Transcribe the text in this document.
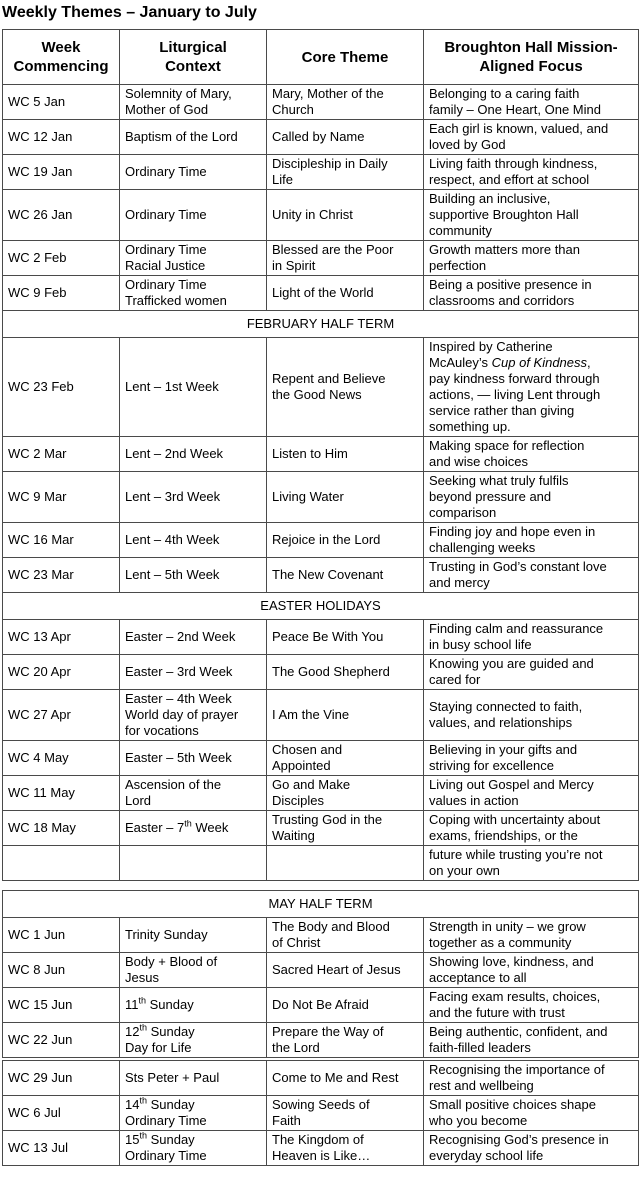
Weekly Themes – January to July
Week
Commencing	Liturgical
Context	Core Theme	Broughton Hall Mission-
Aligned Focus
WC 5 Jan	Solemnity of Mary,
Mother of God	Mary, Mother of the
Church	Belonging to a caring faith
family – One Heart, One Mind
WC 12 Jan	Baptism of the Lord	Called by Name	Each girl is known, valued, and
loved by God
WC 19 Jan	Ordinary Time	Discipleship in Daily
Life	Living faith through kindness,
respect, and effort at school
WC 26 Jan	Ordinary Time	Unity in Christ	Building an inclusive,
supportive Broughton Hall
community
WC 2 Feb	Ordinary Time
Racial Justice	Blessed are the Poor
in Spirit	Growth matters more than
perfection
WC 9 Feb	Ordinary Time
Trafficked women	Light of the World	Being a positive presence in
classrooms and corridors
FEBRUARY HALF TERM			
WC 23 Feb	Lent – 1st Week	Repent and Believe
the Good News	Inspired by Catherine
McAuley’s Cup of Kindness,
pay kindness forward through
actions, — living Lent through
service rather than giving
something up.
WC 2 Mar	Lent – 2nd Week	Listen to Him	Making space for reflection
and wise choices
WC 9 Mar	Lent – 3rd Week	Living Water	Seeking what truly fulfils
beyond pressure and
comparison
WC 16 Mar	Lent – 4th Week	Rejoice in the Lord	Finding joy and hope even in
challenging weeks
WC 23 Mar	Lent – 5th Week	The New Covenant	Trusting in God’s constant love
and mercy
EASTER HOLIDAYS			
WC 13 Apr	Easter – 2nd Week	Peace Be With You	Finding calm and reassurance
in busy school life
WC 20 Apr	Easter – 3rd Week	The Good Shepherd	Knowing you are guided and
cared for
WC 27 Apr	Easter – 4th Week
World day of prayer
for vocations	I Am the Vine	Staying connected to faith,
values, and relationships
WC 4 May	Easter – 5th Week	Chosen and
Appointed	Believing in your gifts and
striving for excellence
WC 11 May	Ascension of the
Lord	Go and Make
Disciples	Living out Gospel and Mercy
values in action
WC 18 May	Easter – 7th Week	Trusting God in the
Waiting	Coping with uncertainty about
exams, friendships, or the
			future while trusting you’re not
on your own
MAY HALF TERM			
WC 1 Jun	Trinity Sunday	The Body and Blood
of Christ	Strength in unity – we grow
together as a community
WC 8 Jun	Body + Blood of
Jesus	Sacred Heart of Jesus	Showing love, kindness, and
acceptance to all
WC 15 Jun	11th Sunday	Do Not Be Afraid	Facing exam results, choices,
and the future with trust
WC 22 Jun	12th Sunday
Day for Life	Prepare the Way of
the Lord	Being authentic, confident, and
faith-filled leaders
WC 29 Jun	Sts Peter + Paul	Come to Me and Rest	Recognising the importance of
rest and wellbeing
WC 6 Jul	14th Sunday
Ordinary Time	Sowing Seeds of
Faith	Small positive choices shape
who you become
WC 13 Jul	15th Sunday
Ordinary Time	The Kingdom of
Heaven is Like…	Recognising God’s presence in
everyday school life
